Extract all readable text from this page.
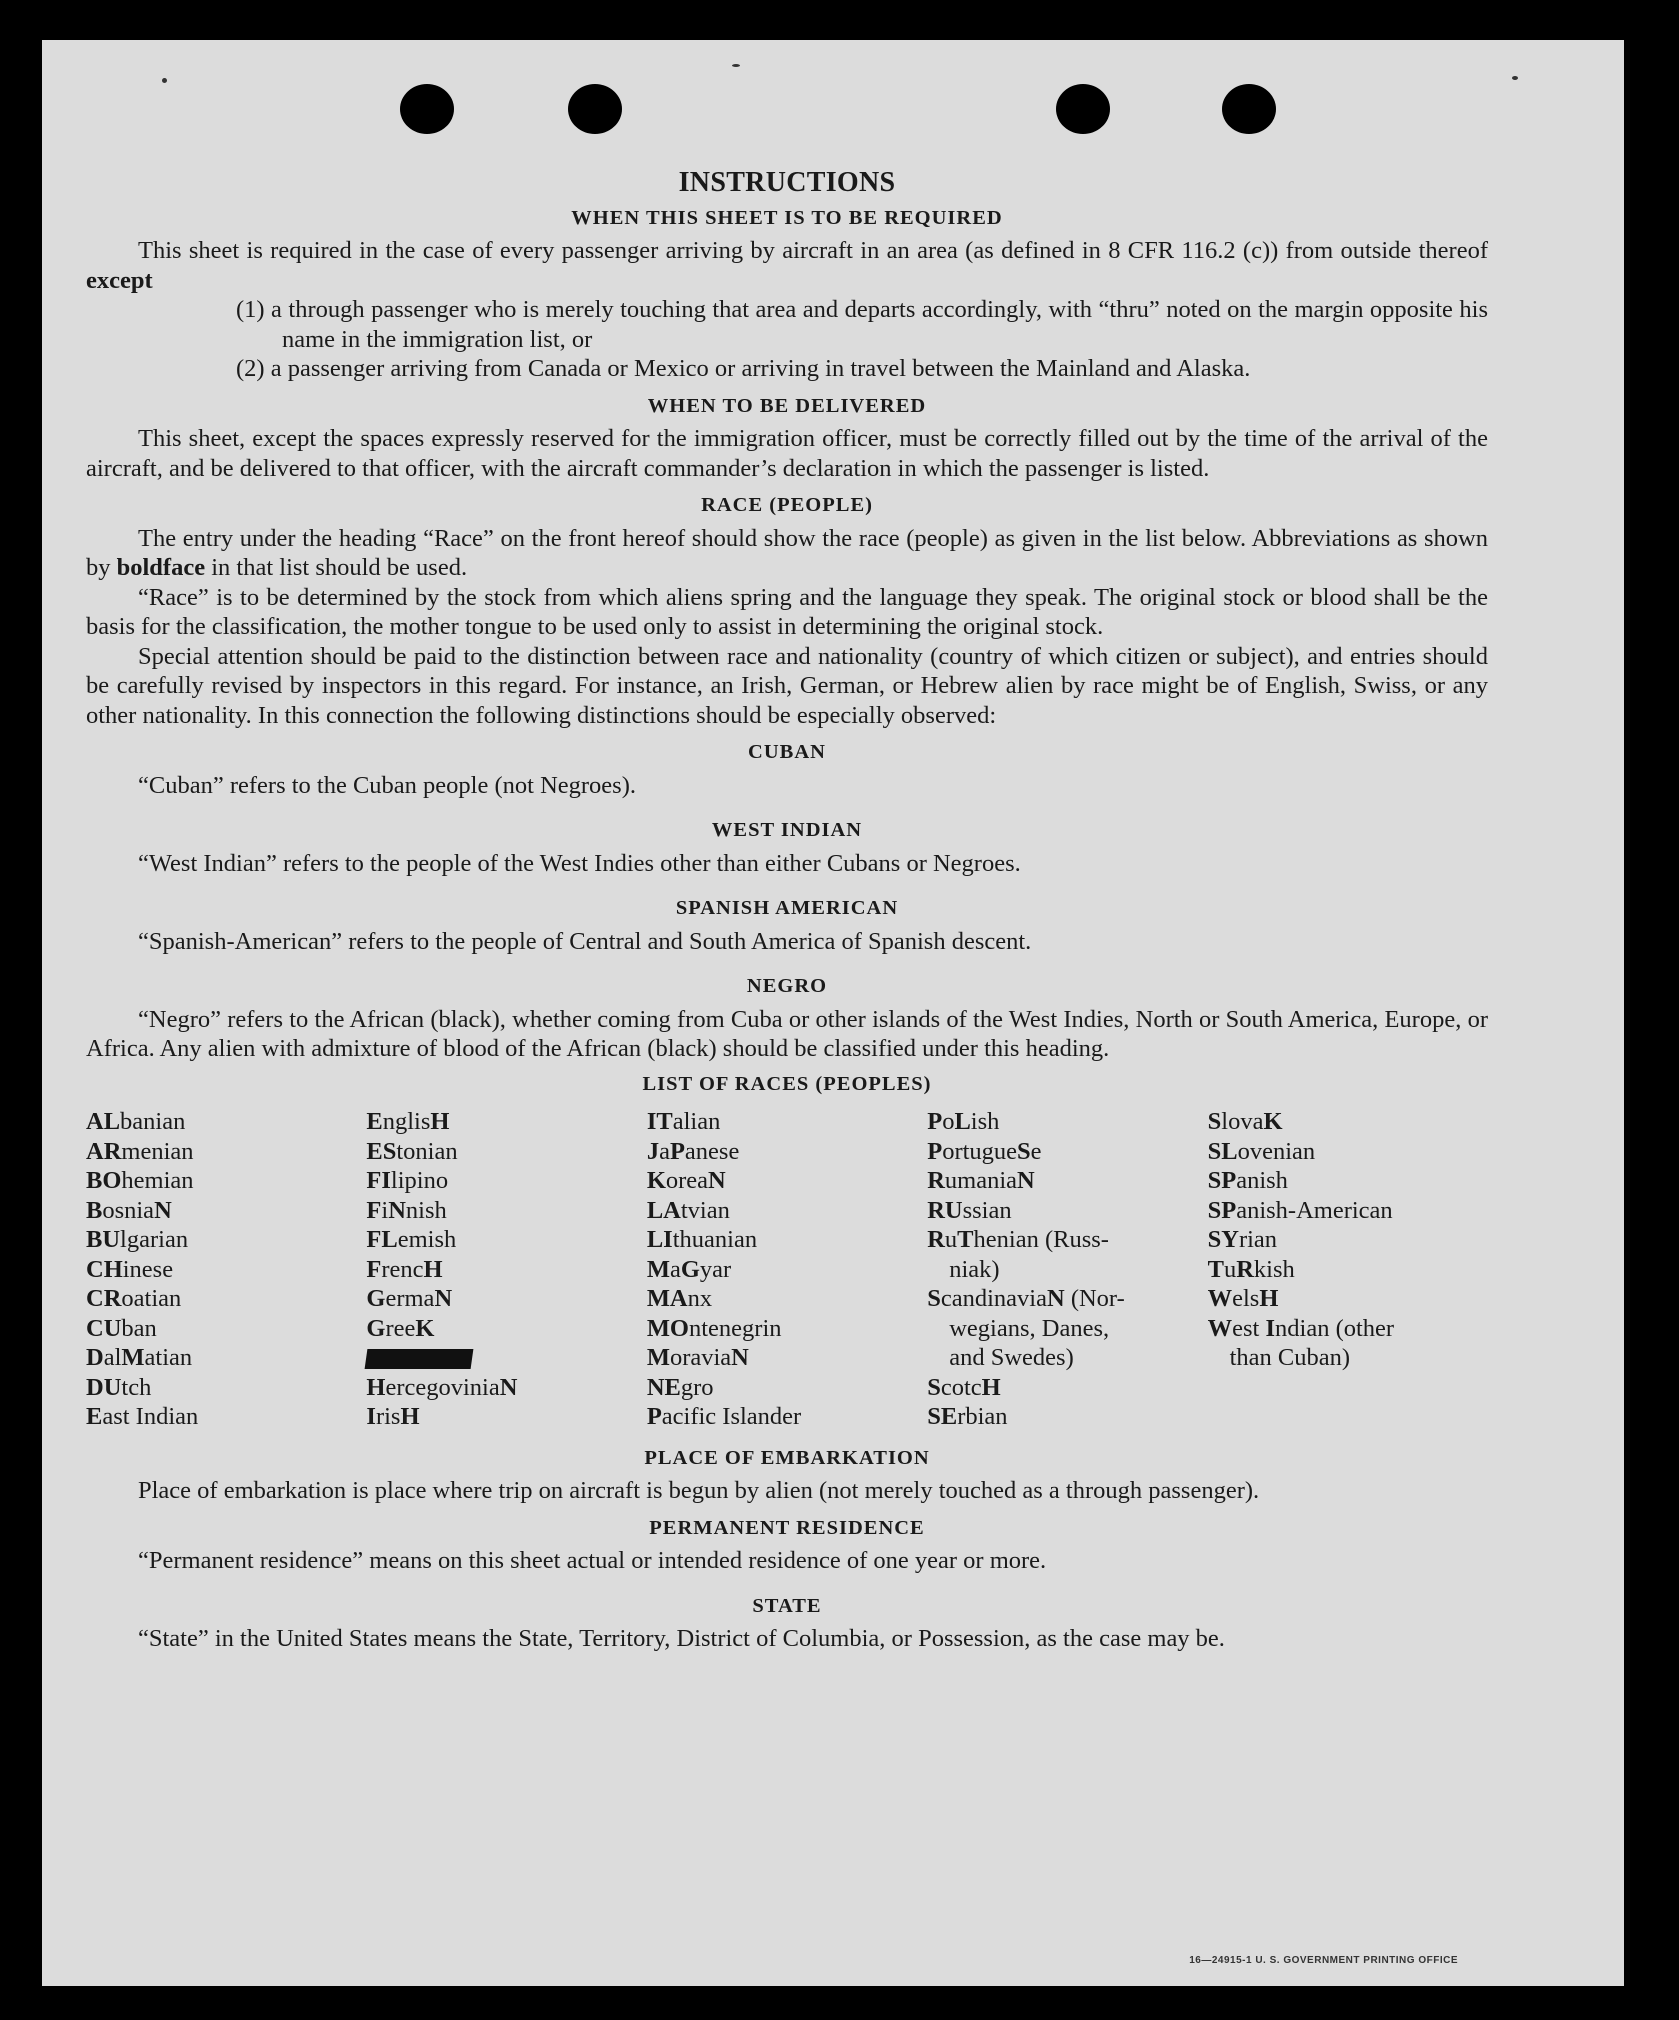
INSTRUCTIONS
WHEN THIS SHEET IS TO BE REQUIRED

This sheet is required in the case of every passenger arriving by aircraft in an area (as defined in 8 CFR 116.2 (c)) from outside thereof except

(1) a through passenger who is merely touching that area and departs accordingly, with “thru” noted on the margin opposite his name in the immigration list, or

(2) a passenger arriving from Canada or Mexico or arriving in travel between the Mainland and Alaska.

WHEN TO BE DELIVERED

This sheet, except the spaces expressly reserved for the immigration officer, must be correctly filled out by the time of the arrival of the aircraft, and be delivered to that officer, with the aircraft commander’s declaration in which the passenger is listed.

RACE (PEOPLE)

The entry under the heading “Race” on the front hereof should show the race (people) as given in the list below. Abbreviations as shown by boldface in that list should be used.

“Race” is to be determined by the stock from which aliens spring and the language they speak. The original stock or blood shall be the basis for the classification, the mother tongue to be used only to assist in determining the original stock.

Special attention should be paid to the distinction between race and nationality (country of which citizen or subject), and entries should be carefully revised by inspectors in this regard. For instance, an Irish, German, or Hebrew alien by race might be of English, Swiss, or any other nationality. In this connection the following distinctions should be especially observed:

CUBAN

“Cuban” refers to the Cuban people (not Negroes).

WEST INDIAN

“West Indian” refers to the people of the West Indies other than either Cubans or Negroes.

SPANISH AMERICAN

“Spanish-American” refers to the people of Central and South America of Spanish descent.

NEGRO

“Negro” refers to the African (black), whether coming from Cuba or other islands of the West Indies, North or South America, Europe, or Africa. Any alien with admixture of blood of the African (black) should be classified under this heading.

LIST OF RACES (PEOPLES)
ALbanian
ARmenian
BOhemian
BosniaN
BUlgarian
CHinese
CRoatian
CUban
DalMatian
DUtch
East Indian
EnglisH
EStonian
FIlipino
FiNnish
FLemish
FrencH
GermaN
GreeK
HercegoviniaN
IrisH
ITalian
JaPanese
KoreaN
LAtvian
LIthuanian
MaGyar
MAnx
MOntenegrin
MoraviaN
NEgro
Pacific Islander
PoLish
PortugueSe
RumaniaN
RUssian
RuThenian (Russ-
niak)
ScandinaviaN (Nor-
wegians, Danes,
and Swedes)
ScotcH
SErbian
SlovaK
SLovenian
SPanish
SPanish-American
SYrian
TuRkish
WelsH
West Indian (other
than Cuban)
PLACE OF EMBARKATION

Place of embarkation is place where trip on aircraft is begun by alien (not merely touched as a through passenger).

PERMANENT RESIDENCE

“Permanent residence” means on this sheet actual or intended residence of one year or more.

STATE

“State” in the United States means the State, Territory, District of Columbia, or Possession, as the case may be.

16—24915-1 U. S. GOVERNMENT PRINTING OFFICE
